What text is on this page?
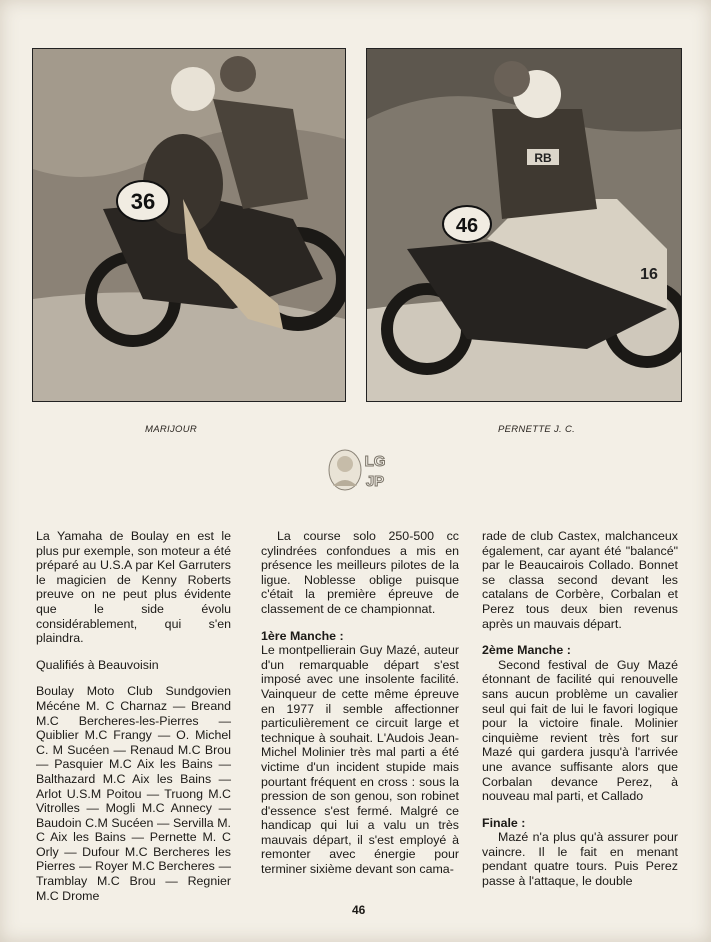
36
RB
46
16
MARIJOUR	PERNETTE J. C.
LG
JP

La Yamaha de Boulay en est le plus pur exemple, son moteur a été préparé au U.S.A par Kel Garruters le magicien de Kenny Roberts preuve on ne peut plus évidente que le side évolu considérablement, qui s'en plaindra.

Qualifiés à Beauvoisin

Boulay Moto Club Sundgovien Mécéne M. C Charnaz — Breand M.C Bercheres-les-Pierres — Quiblier M.C Frangy — O. Michel C. M Sucéen — Renaud M.C Brou — Pasquier M.C Aix les Bains — Balthazard M.C Aix les Bains — Arlot U.S.M Poitou — Truong M.C Vitrolles — Mogli M.C Annecy — Baudoin C.M Sucéen — Servilla M. C Aix les Bains — Pernette M. C Orly — Dufour M.C Bercheres les Pierres — Royer M.C Bercheres — Tramblay M.C Brou — Regnier M.C Drome

La course solo 250-500 cc cylindrées confondues a mis en présence les meilleurs pilotes de la ligue. Noblesse oblige puisque c'était la première épreuve de classement de ce championnat.

1ère Manche :

Le montpellierain Guy Mazé, auteur d'un remarquable départ s'est imposé avec une insolente facilité. Vainqueur de cette même épreuve en 1977 il semble affectionner particulièrement ce circuit large et technique à souhait. L'Audois Jean-Michel Molinier très mal parti a été victime d'un incident stupide mais pourtant fréquent en cross : sous la pression de son genou, son robinet d'essence s'est fermé. Malgré ce handicap qui lui a valu un très mauvais départ, il s'est employé à remonter avec énergie pour terminer sixième devant son cama-

rade de club Castex, malchanceux également, car ayant été "balancé" par le Beaucairois Collado. Bonnet se classa second devant les catalans de Corbère, Corbalan et Perez tous deux bien revenus après un mauvais départ.

2ème Manche :

Second festival de Guy Mazé étonnant de facilité qui renouvelle sans aucun problème un cavalier seul qui fait de lui le favori logique pour la victoire finale. Molinier cinquième revient très fort sur Mazé qui gardera jusqu'à l'arrivée une avance suffisante alors que Corbalan devance Perez, à nouveau mal parti, et Callado

Finale :

Mazé n'a plus qu'à assurer pour vaincre. Il le fait en menant pendant quatre tours. Puis Perez passe à l'attaque, le double

46
